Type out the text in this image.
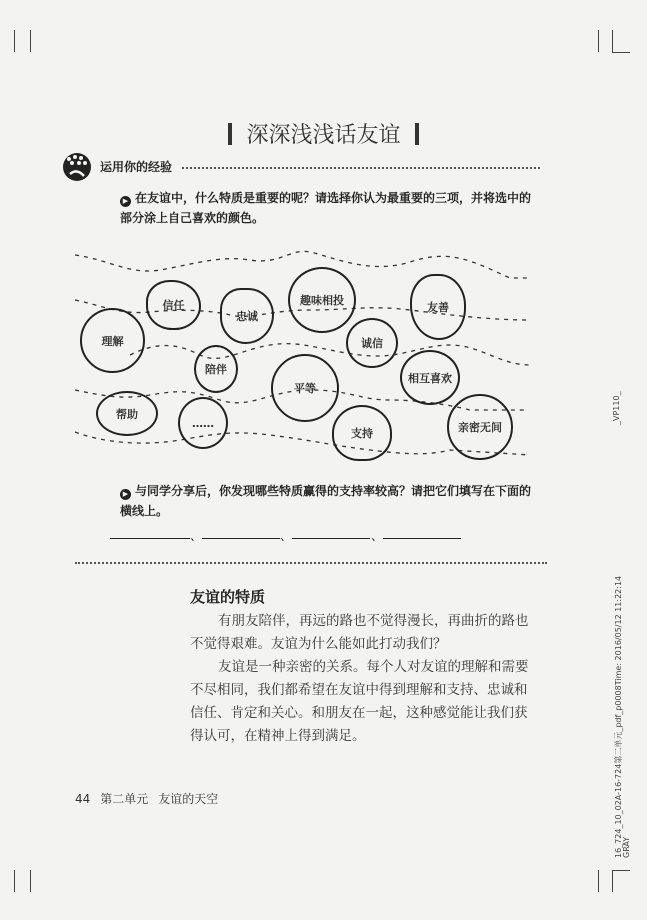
深深浅浅话友谊
运用你的经验
▶ 在友谊中，什么特质是重要的呢？请选择你认为最重要的三项，并将选中的部分涂上自己喜欢的颜色。
理解
信任
忠诚
趣味相投
友善
诚信
陪伴
平等
相互喜欢
帮助
……
支持	亲密无间
▶ 与同学分享后，你发现哪些特质赢得的支持率较高？请把它们填写在下面的横线上。
、	、	、
友谊的特质
有朋友陪伴，再远的路也不觉得漫长，再曲折的路也不觉得艰难。友谊为什么能如此打动我们？
友谊是一种亲密的关系。每个人对友谊的理解和需要不尽相同，我们都希望在友谊中得到理解和支持、忠诚和信任、肯定和关心。和朋友在一起，这种感觉能让我们获得认可，在精神上得到满足。
44 第二单元 友谊的天空
_VP110_
16_724_10_02A-16-724第二单元_pdf_p0008Time: 2016/05/12 11:22:14 GRAY
